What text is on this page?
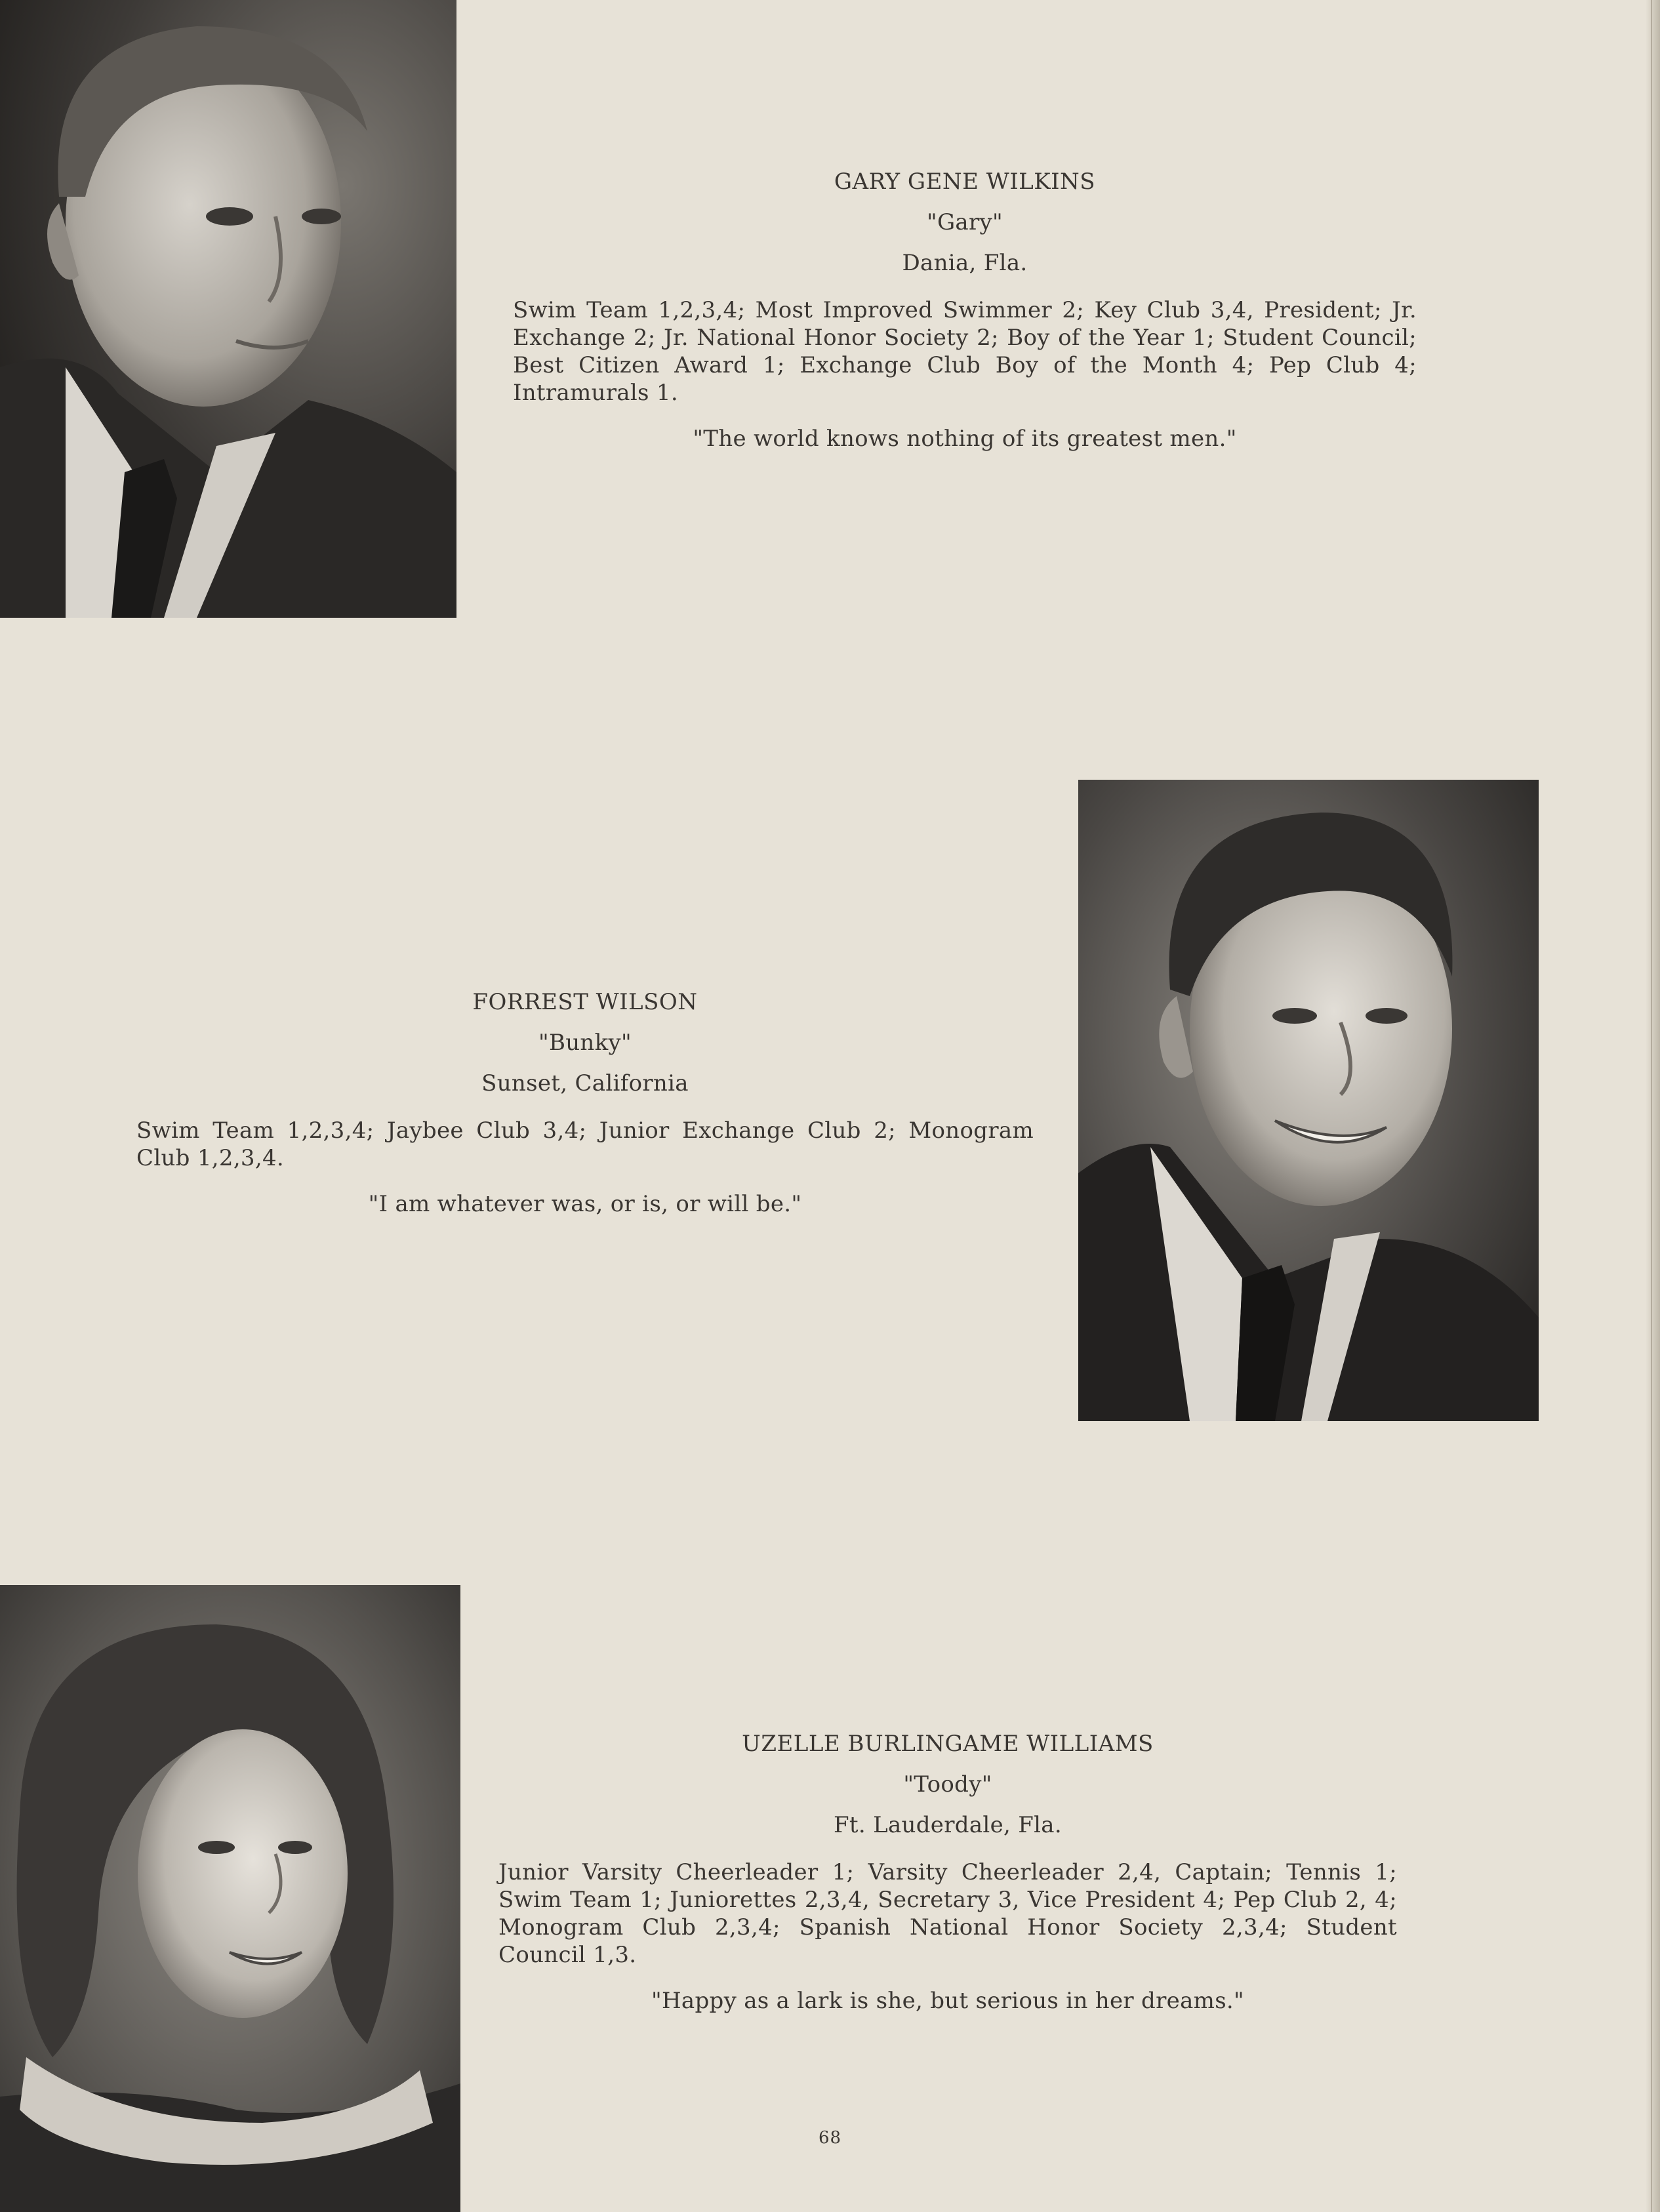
GARY GENE WILKINS
"Gary"
Dania, Fla.
Swim Team 1,2,3,4; Most Improved Swimmer 2; Key Club 3,4, President; Jr. Exchange 2; Jr. National Honor Society 2; Boy of the Year 1; Student Council; Best Citizen Award 1; Exchange Club Boy of the Month 4; Pep Club 4; Intramurals 1.
"The world knows nothing of its greatest men."
FORREST WILSON
"Bunky"
Sunset, California
Swim Team 1,2,3,4; Jaybee Club 3,4; Junior Exchange Club 2; Monogram Club 1,2,3,4.
"I am whatever was, or is, or will be."
UZELLE BURLINGAME WILLIAMS
"Toody"
Ft. Lauderdale, Fla.
Junior Varsity Cheerleader 1; Varsity Cheerleader 2,4, Captain; Tennis 1; Swim Team 1; Juniorettes 2,3,4, Secretary 3, Vice President 4; Pep Club 2, 4; Monogram Club 2,3,4; Spanish National Honor Society 2,3,4; Student Council 1,3.
"Happy as a lark is she, but serious in her dreams."
68
